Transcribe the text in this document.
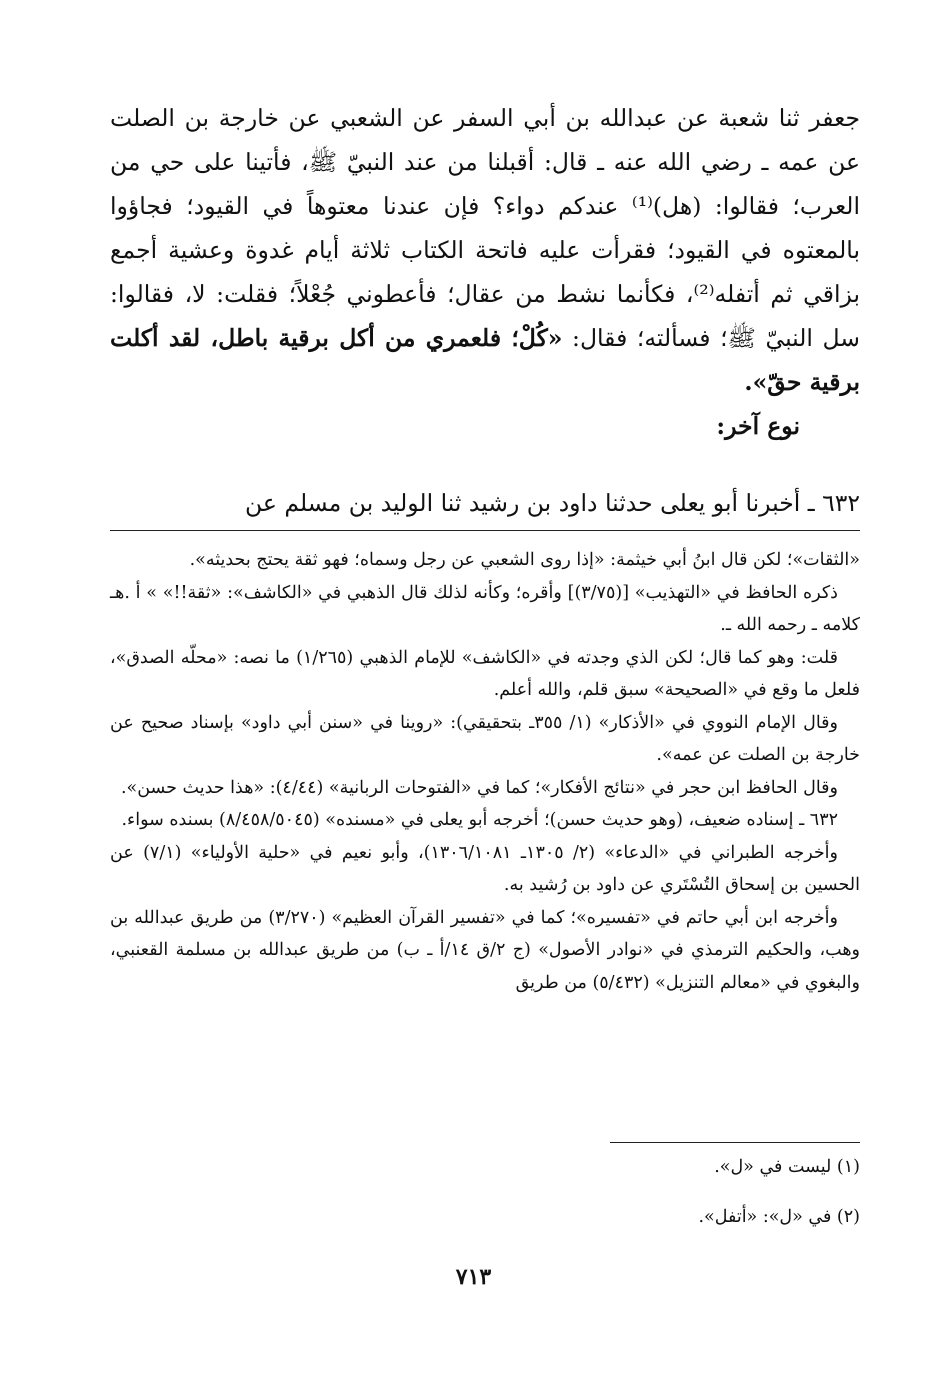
جعفر ثنا شعبة عن عبدالله بن أبي السفر عن الشعبي عن خارجة بن الصلت عن عمه ـ رضي الله عنه ـ قال: أقبلنا من عند النبيّ ﷺ، فأتينا على حي من العرب؛ فقالوا: (هل)⁽¹⁾ عندكم دواء؟ فإن عندنا معتوهاً في القيود؛ فجاؤوا بالمعتوه في القيود؛ فقرأت عليه فاتحة الكتاب ثلاثة أيام غدوة وعشية أجمع بزاقي ثم أتفله⁽²⁾، فكأنما نشط من عقال؛ فأعطوني جُعْلاً؛ فقلت: لا، فقالوا: سل النبيّ ﷺ؛ فسألته؛ فقال: «كُلْ؛ فلعمري من أكل برقية باطل، لقد أكلت برقية حقّ».

نوع آخر:

٦٣٢ ـ أخبرنا أبو يعلى حدثنا داود بن رشيد ثنا الوليد بن مسلم عن

«الثقات»؛ لكن قال ابنُ أبي خيثمة: «إذا روى الشعبي عن رجل وسماه؛ فهو ثقة يحتج بحديثه».

ذكره الحافظ في «التهذيب» [(٣/٧٥)] وأقره؛ وكأنه لذلك قال الذهبي في «الكاشف»: «ثقة!!» » أ .هـ كلامه ـ رحمه الله ـ.

قلت: وهو كما قال؛ لكن الذي وجدته في «الكاشف» للإمام الذهبي (١/٢٦٥) ما نصه: «محلّه الصدق»، فلعل ما وقع في «الصحيحة» سبق قلم، والله أعلم.

وقال الإمام النووي في «الأذكار» (١/ ٣٥٥ـ بتحقيقي): «روينا في «سنن أبي داود» بإسناد صحيح عن خارجة بن الصلت عن عمه».

وقال الحافظ ابن حجر في «نتائج الأفكار»؛ كما في «الفتوحات الربانية» (٤/٤٤): «هذا حديث حسن».

٦٣٢ ـ إسناده ضعيف، (وهو حديث حسن)؛ أخرجه أبو يعلى في «مسنده» (٨/٤٥٨/٥٠٤٥) بسنده سواء.

وأخرجه الطبراني في «الدعاء» (٢/ ١٣٠٥ـ ١٣٠٦/١٠٨١)، وأبو نعيم في «حلية الأولياء» (٧/١) عن الحسين بن إسحاق التُسْتَري عن داود بن رُشيد به.

وأخرجه ابن أبي حاتم في «تفسيره»؛ كما في «تفسير القرآن العظيم» (٣/٢٧٠) من طريق عبدالله بن وهب، والحكيم الترمذي في «نوادر الأصول» (ج ٢/ق ١٤/أ ـ ب) من طريق عبدالله بن مسلمة القعنبي، والبغوي في «معالم التنزيل» (٥/٤٣٢) من طريق

(١) ليست في «ل».

(٢) في «ل»: «أتفل».

٧١٣
